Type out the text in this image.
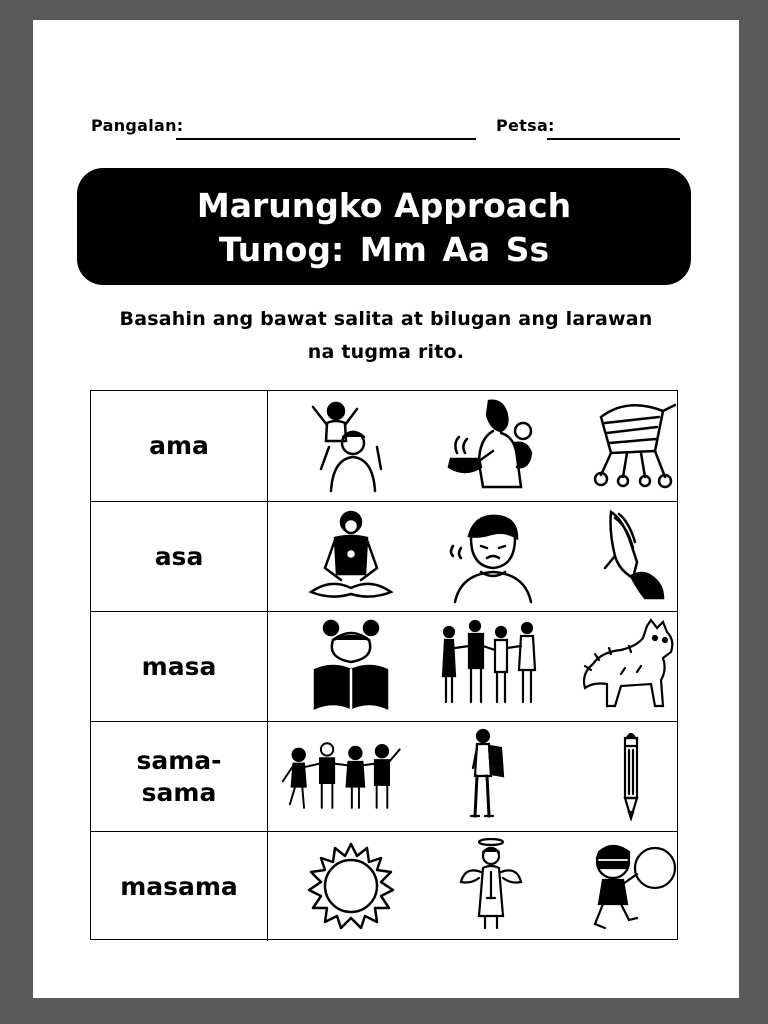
Pangalan:	Petsa:
Marungko Approach
Tunog: Mm Aa Ss
Basahin ang bawat salita at bilugan ang larawan
na tugma rito.
ama
asa
masa
sama-
sama
masama
